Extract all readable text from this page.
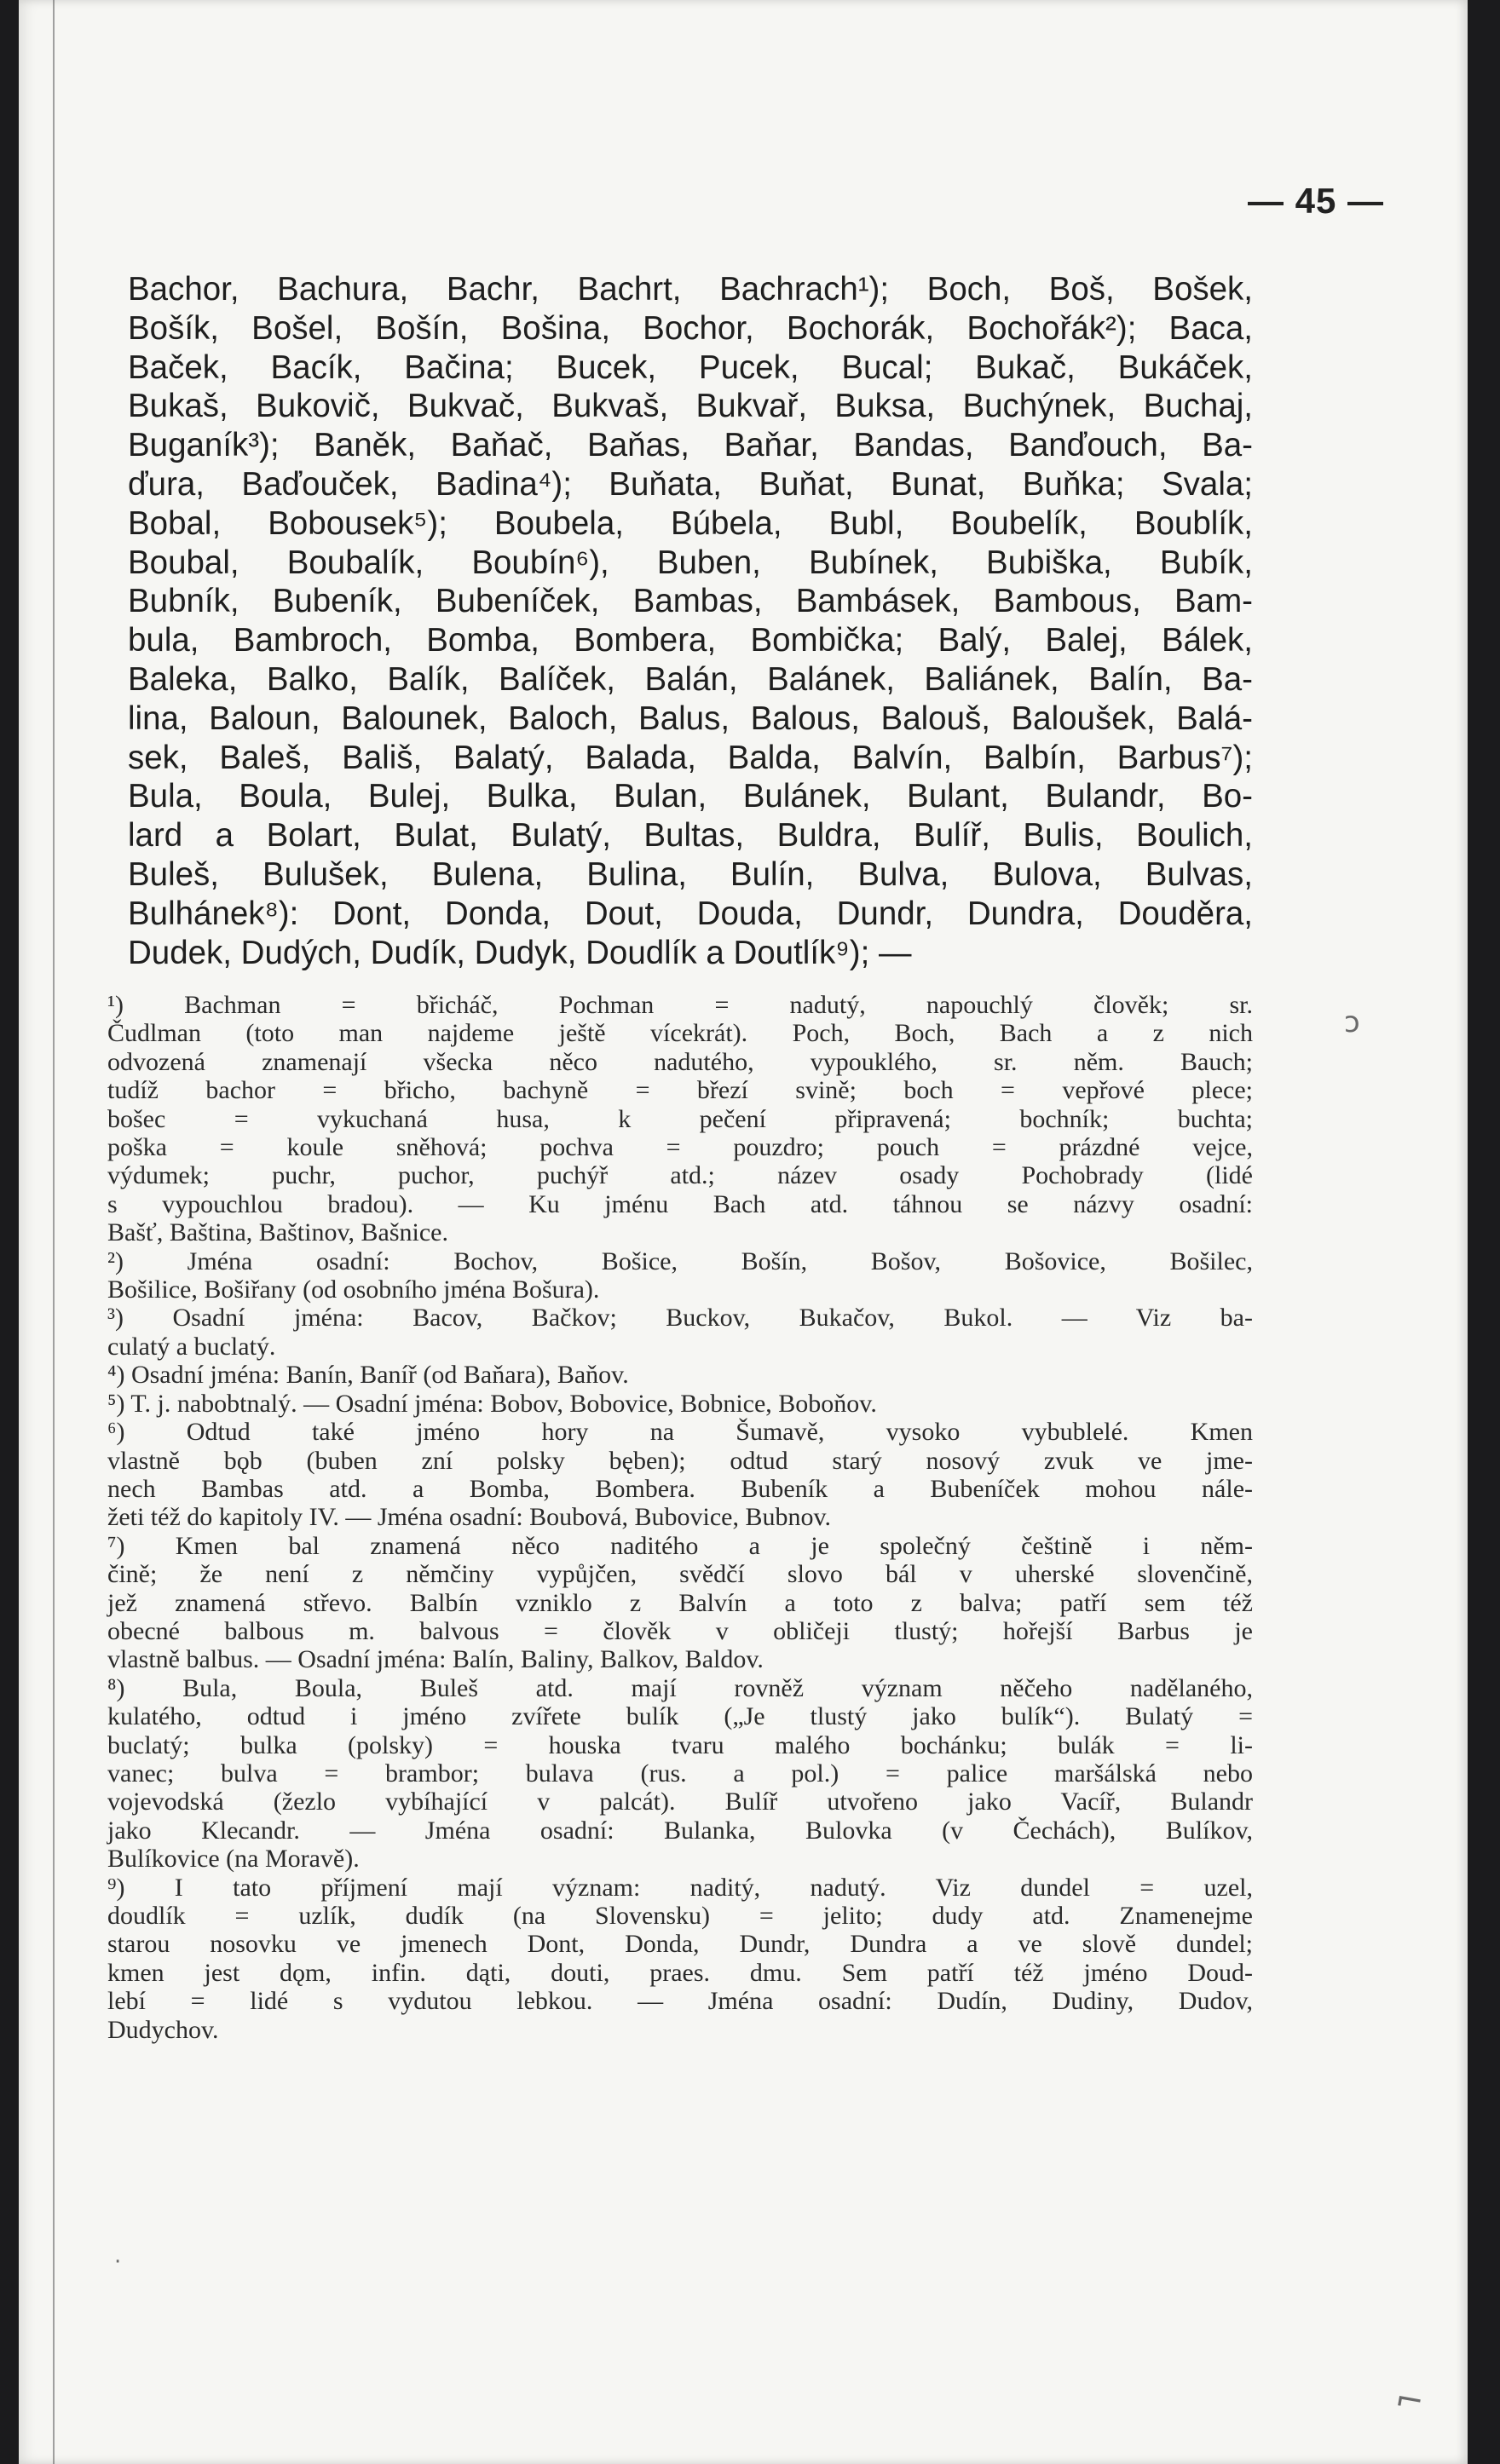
— 45 —
Bachor, Bachura, Bachr, Bachrt, Bachrach¹); Boch, Boš, Bošek,
Bošík, Bošel, Bošín, Bošina, Bochor, Bochorák, Bochořák²); Baca,
Baček, Bacík, Bačina; Bucek, Pucek, Bucal; Bukač, Bukáček,
Bukaš, Bukovič, Bukvač, Bukvaš, Bukvař, Buksa, Buchýnek, Buchaj,
Buganík³); Baněk, Baňač, Baňas, Baňar, Bandas, Banďouch, Ba-
ďura, Baďouček, Badina⁴); Buňata, Buňat, Bunat, Buňka; Svala;
Bobal, Bobousek⁵); Boubela, Búbela, Bubl, Boubelík, Boublík,
Boubal, Boubalík, Boubín⁶), Buben, Bubínek, Bubiška, Bubík,
Bubník, Bubeník, Bubeníček, Bambas, Bambásek, Bambous, Bam-
bula, Bambroch, Bomba, Bombera, Bombička; Balý, Balej, Bálek,
Baleka, Balko, Balík, Balíček, Balán, Balánek, Baliánek, Balín, Ba-
lina, Baloun, Balounek, Baloch, Balus, Balous, Balouš, Baloušek, Balá-
sek, Baleš, Bališ, Balatý, Balada, Balda, Balvín, Balbín, Barbus⁷);
Bula, Boula, Bulej, Bulka, Bulan, Bulánek, Bulant, Bulandr, Bo-
lard a Bolart, Bulat, Bulatý, Bultas, Buldra, Bulíř, Bulis, Boulich,
Buleš, Bulušek, Bulena, Bulina, Bulín, Bulva, Bulova, Bulvas,
Bulhánek⁸): Dont, Donda, Dout, Douda, Dundr, Dundra, Douděra,
Dudek, Dudých, Dudík, Dudyk, Doudlík a Doutlík⁹); —
¹) Bachman = břicháč, Pochman = nadutý, napouchlý člověk; sr.
Čudlman (toto man najdeme ještě vícekrát). Poch, Boch, Bach a z nich
odvozená znamenají všecka něco nadutého, vypouklého, sr. něm. Bauch;
tudíž bachor = břicho, bachyně = březí svině; boch = vepřové plece;
bošec = vykuchaná husa, k pečení připravená; bochník; buchta;
poška = koule sněhová; pochva = pouzdro; pouch = prázdné vejce,
výdumek; puchr, puchor, puchýř atd.; název osady Pochobrady (lidé
s vypouchlou bradou). — Ku jménu Bach atd. táhnou se názvy osadní:
Bašť, Baština, Baštinov, Bašnice.
²) Jména osadní: Bochov, Bošice, Bošín, Bošov, Bošovice, Bošilec,
Bošilice, Bošiřany (od osobního jména Bošura).
³) Osadní jména: Bacov, Bačkov; Buckov, Bukačov, Bukol. — Viz ba-
culatý a buclatý.
⁴) Osadní jména: Banín, Baníř (od Baňara), Baňov.
⁵) T. j. nabobtnalý. — Osadní jména: Bobov, Bobovice, Bobnice, Boboňov.
⁶) Odtud také jméno hory na Šumavě, vysoko vybublelé. Kmen
vlastně bǫb (buben zní polsky bęben); odtud starý nosový zvuk ve jme-
nech Bambas atd. a Bomba, Bombera. Bubeník a Bubeníček mohou nále-
žeti též do kapitoly IV. — Jména osadní: Boubová, Bubovice, Bubnov.
⁷) Kmen bal znamená něco naditého a je společný češtině i něm-
čině; že není z němčiny vypůjčen, svědčí slovo bál v uherské slovenčině,
jež znamená střevo. Balbín vzniklo z Balvín a toto z balva; patří sem též
obecné balbous m. balvous = člověk v obličeji tlustý; hořejší Barbus je
vlastně balbus. — Osadní jména: Balín, Baliny, Balkov, Baldov.
⁸) Bula, Boula, Buleš atd. mají rovněž význam něčeho nadělaného,
kulatého, odtud i jméno zvířete bulík („Je tlustý jako bulík“). Bulatý =
buclatý; bulka (polsky) = houska tvaru malého bochánku; bulák = li-
vanec; bulva = brambor; bulava (rus. a pol.) = palice maršálská nebo
vojevodská (žezlo vybíhající v palcát). Bulíř utvořeno jako Vacíř, Bulandr
jako Klecandr. — Jména osadní: Bulanka, Bulovka (v Čechách), Bulíkov,
Bulíkovice (na Moravě).
⁹) I tato příjmení mají význam: naditý, nadutý. Viz dundel = uzel,
doudlík = uzlík, dudík (na Slovensku) = jelito; dudy atd. Znamenejme
starou nosovku ve jmenech Dont, Donda, Dundr, Dundra a ve slově dundel;
kmen jest dǫm, infin. dąti, douti, praes. dmu. Sem patří též jméno Doud-
lebí = lidé s vydutou lebkou. — Jména osadní: Dudín, Dudiny, Dudov,
Dudychov.
ɔ
·
⌐
